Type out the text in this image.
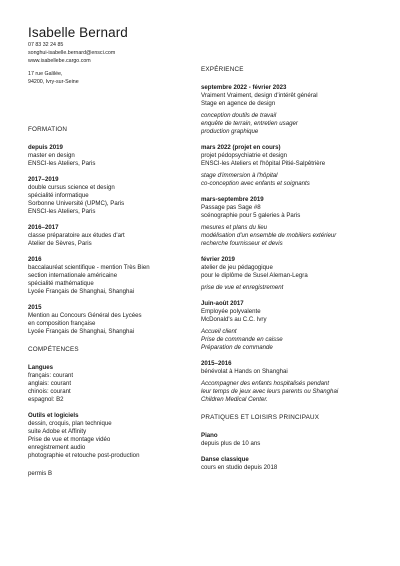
Isabelle Bernard
07 83 32 24 85
songhui-isabelle.bernard@ensci.com
www.isabellebe.cargo.com
17 rue Galilée,
94200, Ivry-sur-Seine
FORMATION
depuis 2019
master en design
ENSCI-les Ateliers, Paris
2017–2019
double cursus science et design
spécialité informatique
Sorbonne Université (UPMC), Paris
ENSCI-les Ateliers, Paris
2016–2017
classe préparatoire aux études d'art
Atelier de Sèvres, Paris
2016
baccalauréat scientifique - mention Très Bien
section internationale américaine
spécialité mathématique
Lycée Français de Shanghai, Shanghai
2015
Mention au Concours Général des Lycées
en composition française
Lycée Français de Shanghai, Shanghai
COMPÉTENCES
Langues
français: courant
anglais: courant
chinois: courant
espagnol: B2
Outils et logiciels
dessin, croquis, plan technique
suite Adobe et Affinity
Prise de vue et montage vidéo
enregistrement audio
photographie et retouche post-production
permis B
EXPÉRIENCE
septembre 2022 - février 2023
Vraiment Vraiment, design d'intérêt général
Stage en agence de design
conception doutils de travail
enquête de terrain, entretien usager
production graphique
mars 2022 (projet en cours)
projet pédopsychiatrie et design
ENSCI-les Ateliers et l'hôpital Pitié-Salpêtrière
stage d'immersion à l'hôpital
co-conception avec enfants et soignants
mars-septembre 2019
Passage pas Sage #8
scénographie pour 5 galeries à Paris
mesures et plans du lieu
modélisation d'un ensemble de mobiliers extérieur
recherche fournisseur et devis
février 2019
atelier de jeu pédagogique
pour le diplôme de Susel Aleman-Legra
prise de vue et enregistrement
Juin-août 2017
Employée polyvalente
McDonald's au C.C. Ivry
Accueil client
Prise de commande en caisse
Préparation de commande
2015–2016
bénévolat à Hands on Shanghai
Accompagner des enfants hospitalisés pendant
leur temps de jeux avec leurs parents ou Shanghai
Children Medical Center.
PRATIQUES ET LOISIRS PRINCIPAUX
Piano
depuis plus de 10 ans
Danse classique
cours en studio depuis 2018
